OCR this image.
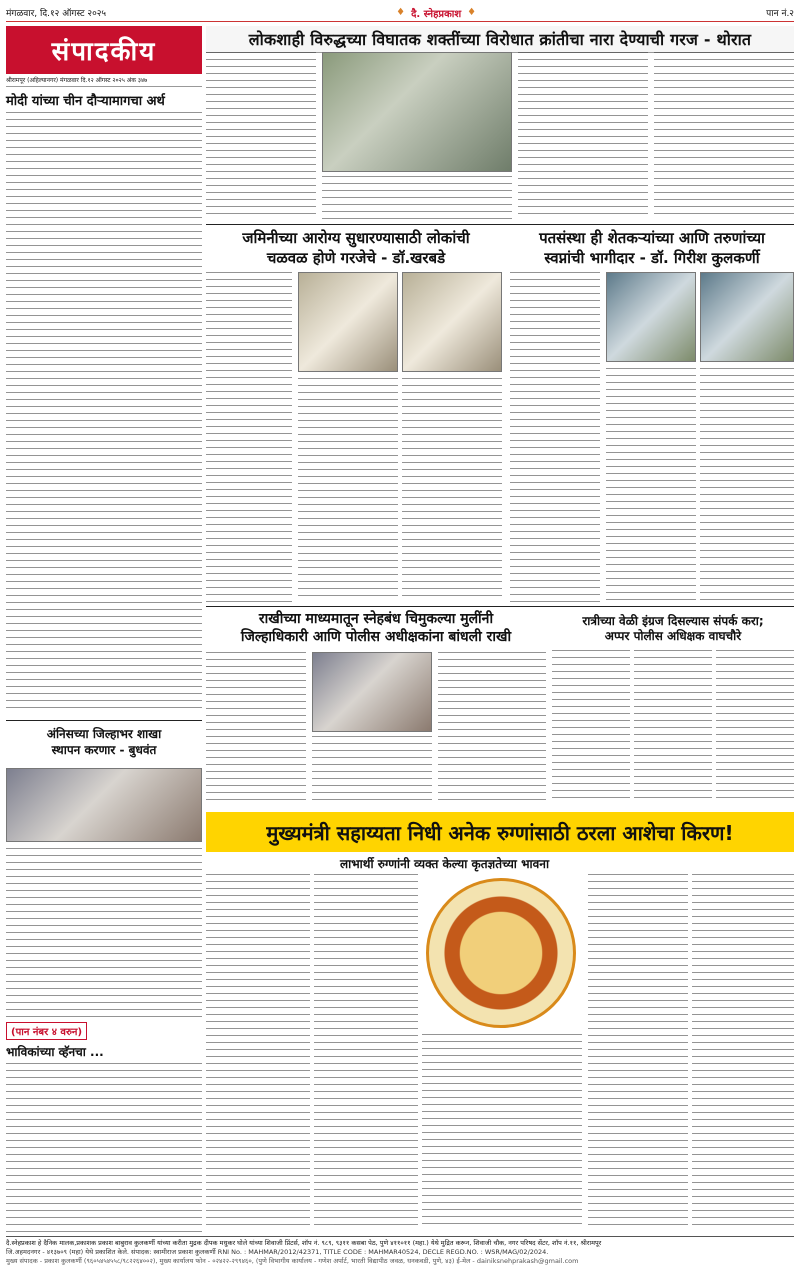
मंगळवार, दि.१२ ऑगस्ट २०२५	♦ दै. स्नेहप्रकाश ♦	पान नं.२
संपादकीय
श्रीरामपूर (अहिल्यानगर) मंगळवार दि.१२ ऑगस्ट २०२५ अंक ३४७
मोदी यांच्या चीन दौऱ्यामागचा अर्थ
अंनिसच्या जिल्हाभर शाखा
स्थापन करणार - बुधवंत
(पान नंबर ४ वरुन)
भाविकांच्या व्हॅनचा ...
लोकशाही विरुद्धच्या विघातक शक्तींच्या विरोधात क्रांतीचा नारा देण्याची गरज - थोरात
जमिनीच्या आरोग्य सुधारण्यासाठी लोकांची
चळवळ होणे गरजेचे - डॉ.खरबडे
पतसंस्था ही शेतकऱ्यांच्या आणि तरुणांच्या
स्वप्नांची भागीदार - डॉ. गिरीश कुलकर्णी
राखीच्या माध्यमातून स्नेहबंध चिमुकल्या मुलींनी
जिल्हाधिकारी आणि पोलीस अधीक्षकांना बांधली राखी
रात्रीच्या वेळी इंग्रज दिसल्यास संपर्क करा;
अप्पर पोलीस अधिक्षक वाघचौरे
मुख्यमंत्री सहाय्यता निधी अनेक रुग्णांसाठी ठरला आशेचा किरण!
लाभार्थी रुग्णांनी व्यक्त केल्या कृतज्ञतेच्या भावना
दै.स्नेहप्रकाश हे दैनिक मालक,प्रकाशक प्रकाश बाबुराव कुलकर्णी यांच्या करीता मुद्रक दीपक मधुकर घोले यांच्या शिवाजी प्रिंटर्स, शॉप नं. ९८९, ९३११ कसबा पेठ, पुणे ४११०११ (महा.) येथे मुद्रित करून, शिवाजी चौक, नगर परिषद सेंटर, शॉप नं.११, श्रीरामपूर
जि.अहमदनगर - ४१३७०९ (महा) येथे प्रकाशित केले. संपादक: स्वामीराज प्रकाश कुलकर्णी RNI No. : MAHMAR/2012/42371, TITLE CODE : MAHMAR40524, DECLE REGD.NO. : WSR/MAG/02/2024.
मुख्य संपादक - प्रकाश कुलकर्णी (९६०५४५४५५८/९८२२६४००२), मुख्य कार्यालय फोन - ०२४२२-२९९४६०, (पुणे विभागीय कार्यालय - गणेश अर्पार्ट, भारती विद्यापीठ जवळ, धनकवडी, पुणे, ४३) ई-मेल - dainiksnehprakash@gmail.com
